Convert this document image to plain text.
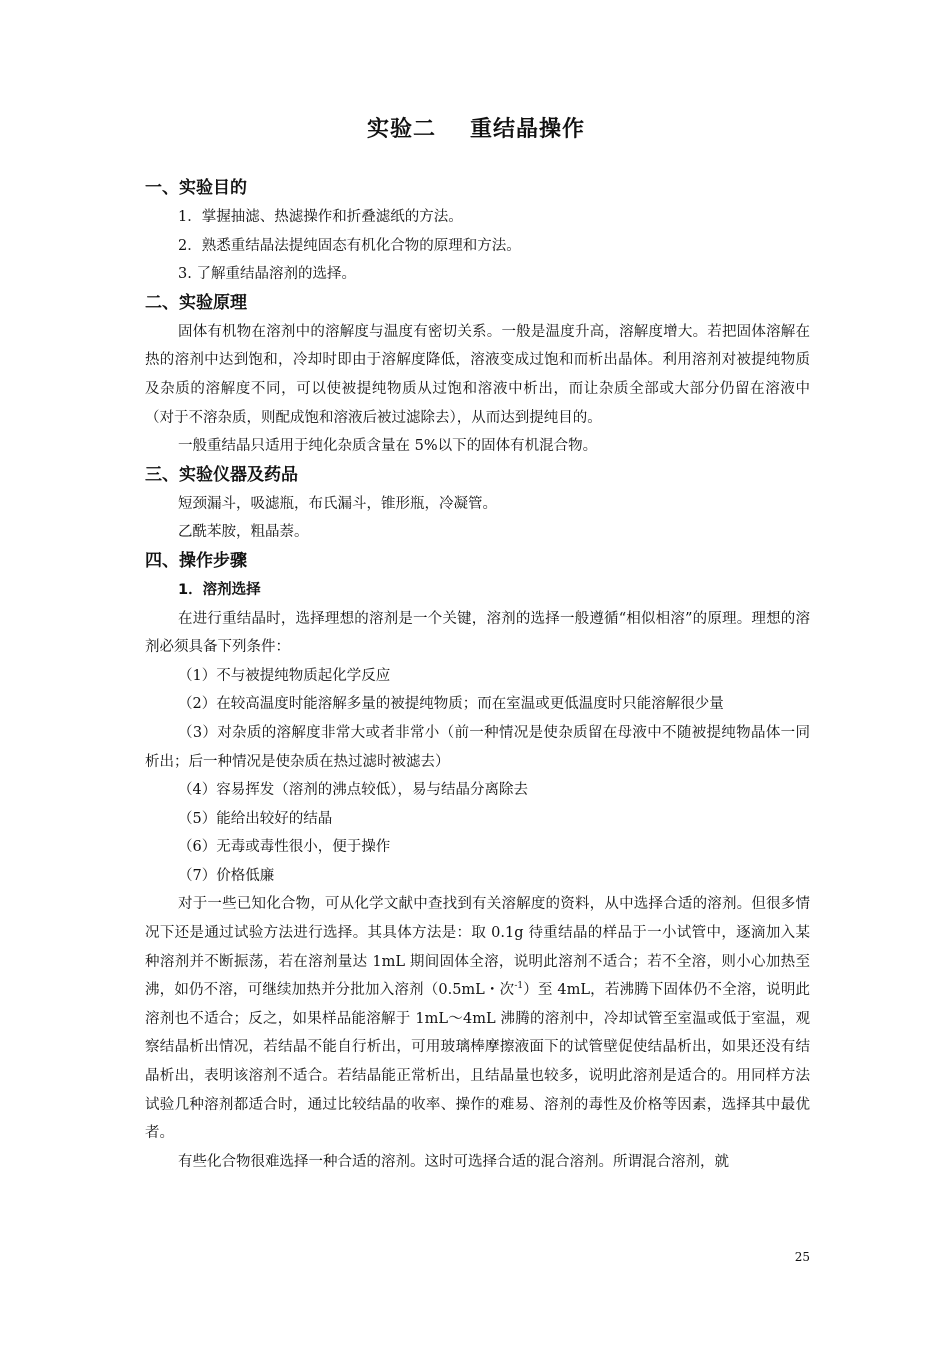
实验二 重结晶操作
一、实验目的
1．掌握抽滤、热滤操作和折叠滤纸的方法。
2．熟悉重结晶法提纯固态有机化合物的原理和方法。
3. 了解重结晶溶剂的选择。
二、实验原理
固体有机物在溶剂中的溶解度与温度有密切关系。一般是温度升高，溶解度增大。若把固体溶解在热的溶剂中达到饱和，冷却时即由于溶解度降低，溶液变成过饱和而析出晶体。利用溶剂对被提纯物质及杂质的溶解度不同，可以使被提纯物质从过饱和溶液中析出，而让杂质全部或大部分仍留在溶液中（对于不溶杂质，则配成饱和溶液后被过滤除去），从而达到提纯目的。
一般重结晶只适用于纯化杂质含量在 5%以下的固体有机混合物。
三、实验仪器及药品
短颈漏斗，吸滤瓶，布氏漏斗，锥形瓶，冷凝管。
乙酰苯胺，粗晶萘。
四、操作步骤
1．溶剂选择
在进行重结晶时，选择理想的溶剂是一个关键，溶剂的选择一般遵循“相似相溶”的原理。理想的溶剂必须具备下列条件：
（1）不与被提纯物质起化学反应
（2）在较高温度时能溶解多量的被提纯物质；而在室温或更低温度时只能溶解很少量
（3）对杂质的溶解度非常大或者非常小（前一种情况是使杂质留在母液中不随被提纯物晶体一同析出；后一种情况是使杂质在热过滤时被滤去）
（4）容易挥发（溶剂的沸点较低），易与结晶分离除去
（5）能给出较好的结晶
（6）无毒或毒性很小，便于操作
（7）价格低廉
对于一些已知化合物，可从化学文献中查找到有关溶解度的资料，从中选择合适的溶剂。但很多情况下还是通过试验方法进行选择。其具体方法是：取 0.1g 待重结晶的样品于一小试管中，逐滴加入某种溶剂并不断振荡，若在溶剂量达 1mL 期间固体全溶，说明此溶剂不适合；若不全溶，则小心加热至沸，如仍不溶，可继续加热并分批加入溶剂（0.5mL・次$^{-1}$）至 4mL，若沸腾下固体仍不全溶，说明此溶剂也不适合；反之，如果样品能溶解于 1mL～4mL 沸腾的溶剂中，冷却试管至室温或低于室温，观察结晶析出情况，若结晶不能自行析出，可用玻璃棒摩擦液面下的试管壁促使结晶析出，如果还没有结晶析出，表明该溶剂不适合。若结晶能正常析出，且结晶量也较多，说明此溶剂是适合的。用同样方法试验几种溶剂都适合时，通过比较结晶的收率、操作的难易、溶剂的毒性及价格等因素，选择其中最优者。
有些化合物很难选择一种合适的溶剂。这时可选择合适的混合溶剂。所谓混合溶剂，就
25
